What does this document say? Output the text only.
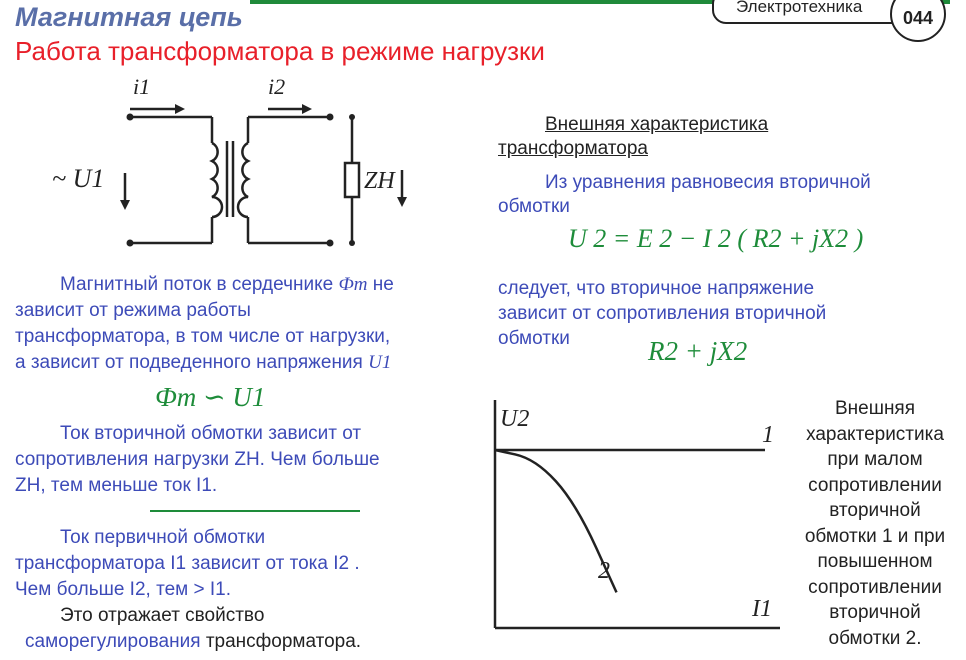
Магнитная цепь
Работа трансформатора в режиме нагрузки
Электротехника
044
i1	i2
~ U1	ZH
Магнитный поток в сердечнике Фm не
зависит от режима работы
трансформатора, в том числе от нагрузки,
а зависит от подведенного напряжения U1
Фm ∽ U1
Ток вторичной обмотки зависит от
сопротивления нагрузки ZH. Чем больше
ZH, тем меньше ток I1.
Ток первичной обмотки
трансформатора I1 зависит от тока I2 .
Чем больше I2, тем > I1.
Это отражает свойство
саморегулирования трансформатора.
Внешняя характеристика
трансформатора
Из уравнения равновесия вторичной
обмотки
U 2 = E 2 − I 2 ( R2 + jX2 )
следует, что вторичное напряжение
зависит от сопротивления вторичной
обмотки	R2 + jX2
U2
I1
1
2
Внешняя
характеристика
при малом
сопротивлении
вторичной
обмотки 1 и при
повышенном
сопротивлении
вторичной
обмотки 2.
